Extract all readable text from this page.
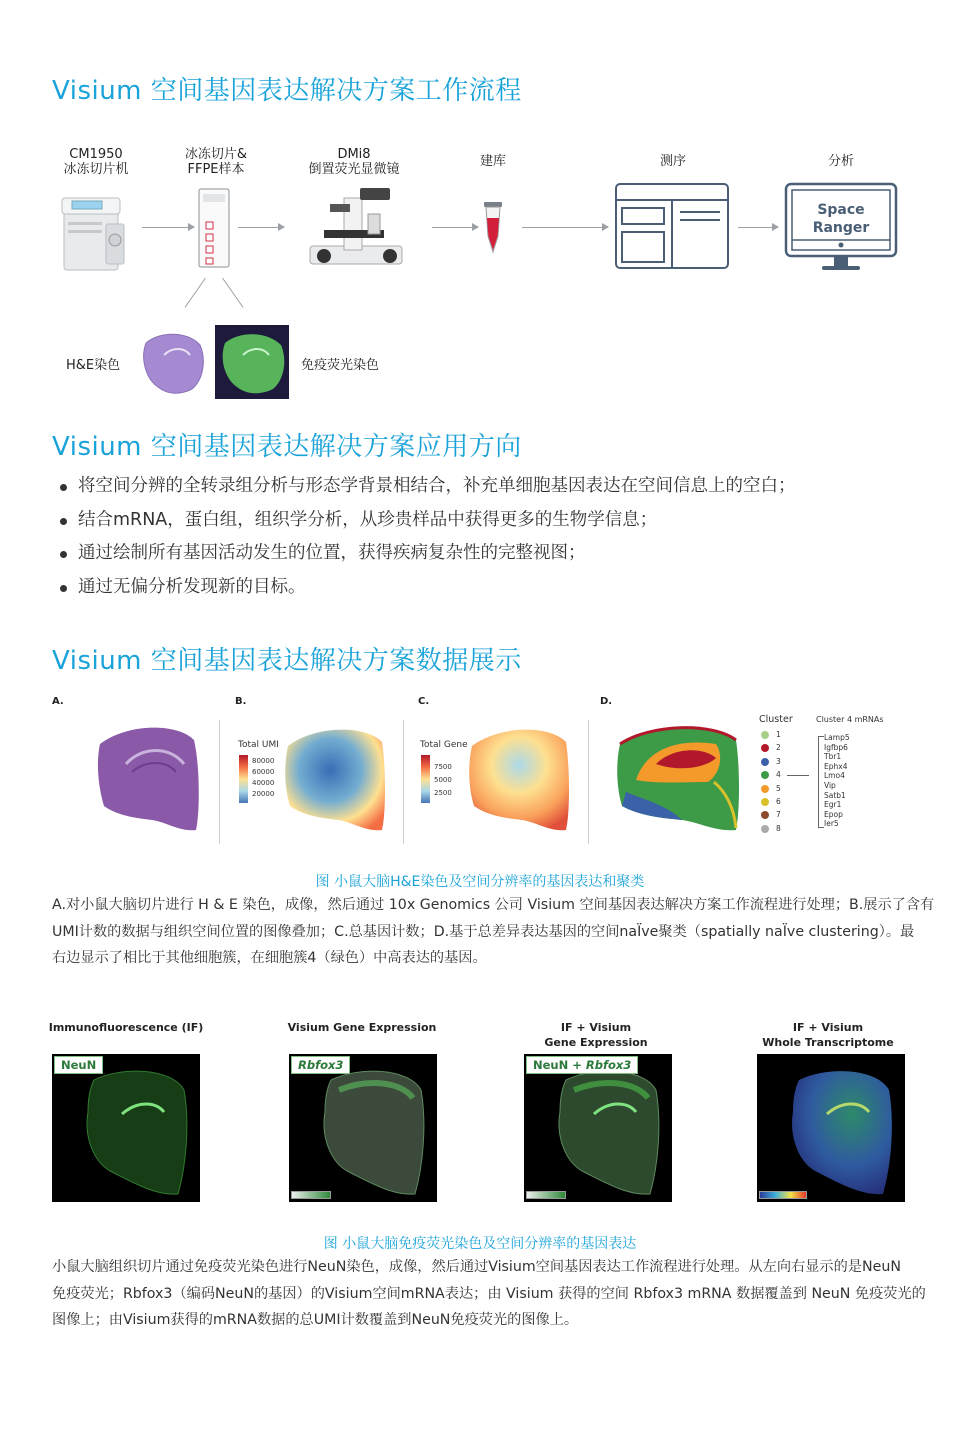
Visium 空间基因表达解决方案工作流程
CM1950
冰冻切片机
冰冻切片&
FFPE样本
DMi8
倒置荧光显微镜
建库	测序	分析
Space
Ranger
H&E染色	免疫荧光染色
Visium 空间基因表达解决方案应用方向
将空间分辨的全转录组分析与形态学背景相结合，补充单细胞基因表达在空间信息上的空白；
结合mRNA，蛋白组，组织学分析，从珍贵样品中获得更多的生物学信息；
通过绘制所有基因活动发生的位置，获得疾病复杂性的完整视图；
通过无偏分析发现新的目标。
Visium 空间基因表达解决方案数据展示
A.	B.	C.	D.
Total UMI
80000
60000
40000
20000
Total Gene
7500
5000
2500
Cluster	Cluster 4 mRNAs
1
2
3
4
5
6
7
8
Lamp5
Igfbp6
Tbr1
Ephx4
Lmo4
Vip
Satb1
Egr1
Epop
Ier5
图 小鼠大脑H&E染色及空间分辨率的基因表达和聚类
A.对小鼠大脑切片进行 H & E 染色，成像，然后通过 10x Genomics 公司 Visium 空间基因表达解决方案工作流程进行处理；B.展示了含有
UMI计数的数据与组织空间位置的图像叠加；C.总基因计数；D.基于总差异表达基因的空间naÏve聚类（spatially naÏve clustering）。最
右边显示了相比于其他细胞簇，在细胞簇4（绿色）中高表达的基因。
Immunofluorescence (IF)	Visium Gene Expression	IF + Visium
Gene Expression
IF + Visium
Whole Transcriptome
NeuN	Rbfox3	NeuN + Rbfox3
图 小鼠大脑免疫荧光染色及空间分辨率的基因表达
小鼠大脑组织切片通过免疫荧光染色进行NeuN染色，成像，然后通过Visium空间基因表达工作流程进行处理。从左向右显示的是NeuN
免疫荧光；Rbfox3（编码NeuN的基因）的Visium空间mRNA表达；由 Visium 获得的空间 Rbfox3 mRNA 数据覆盖到 NeuN 免疫荧光的
图像上；由Visium获得的mRNA数据的总UMI计数覆盖到NeuN免疫荧光的图像上。
